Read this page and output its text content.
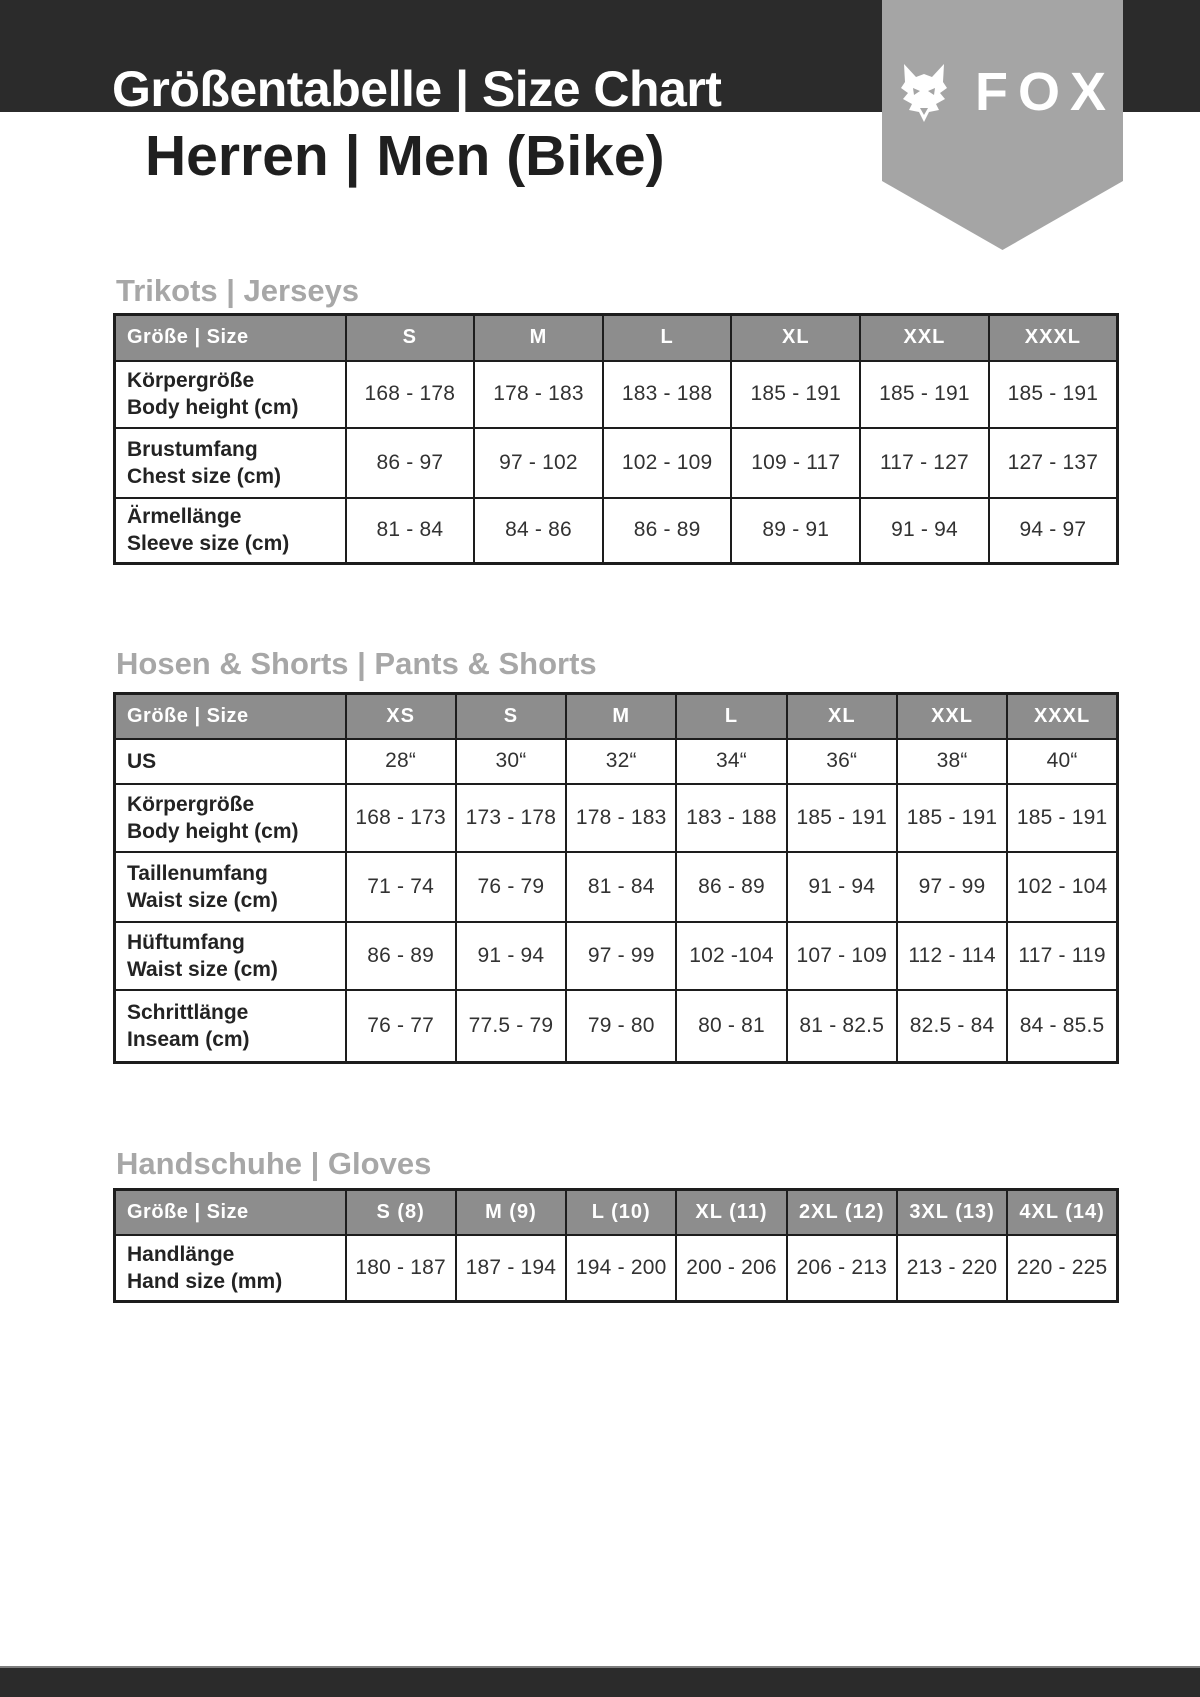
Größentabelle | Size Chart
Herren | Men (Bike)
FOX
Trikots | Jerseys
Hosen & Shorts | Pants & Shorts
Handschuhe | Gloves
Größe | Size	S	M	L	XL	XXL	XXXL

Körpergröße
Body height (cm)	168 - 178	178 - 183	183 - 188	185 - 191	185 - 191	185 - 191

Brustumfang
Chest size (cm)	86 - 97	97 - 102	102 - 109	109 - 117	117 - 127	127 - 137

Ärmellänge
Sleeve size (cm)	81 - 84	84 - 86	86 - 89	89 - 91	91 - 94	94 - 97
Größe | Size	XS	S	M	L	XL	XXL	XXXL

US	28“	30“	32“	34“	36“	38“	40“

Körpergröße
Body height (cm)	168 - 173	173 - 178	178 - 183	183 - 188	185 - 191	185 - 191	185 - 191

Taillenumfang
Waist size (cm)	71 - 74	76 - 79	81 - 84	86 - 89	91 - 94	97 - 99	102 - 104

Hüftumfang
Waist size (cm)	86 - 89	91 - 94	97 - 99	102 -104	107 - 109	112 - 114	117 - 119

Schrittlänge
Inseam (cm)	76 - 77	77.5 - 79	79 - 80	80 - 81	81 - 82.5	82.5 - 84	84 - 85.5
Größe | Size	S (8)	M (9)	L (10)	XL (11)	2XL (12)	3XL (13)	4XL (14)

Handlänge
Hand size (mm)	180 - 187	187 - 194	194 - 200	200 - 206	206 - 213	213 - 220	220 - 225
